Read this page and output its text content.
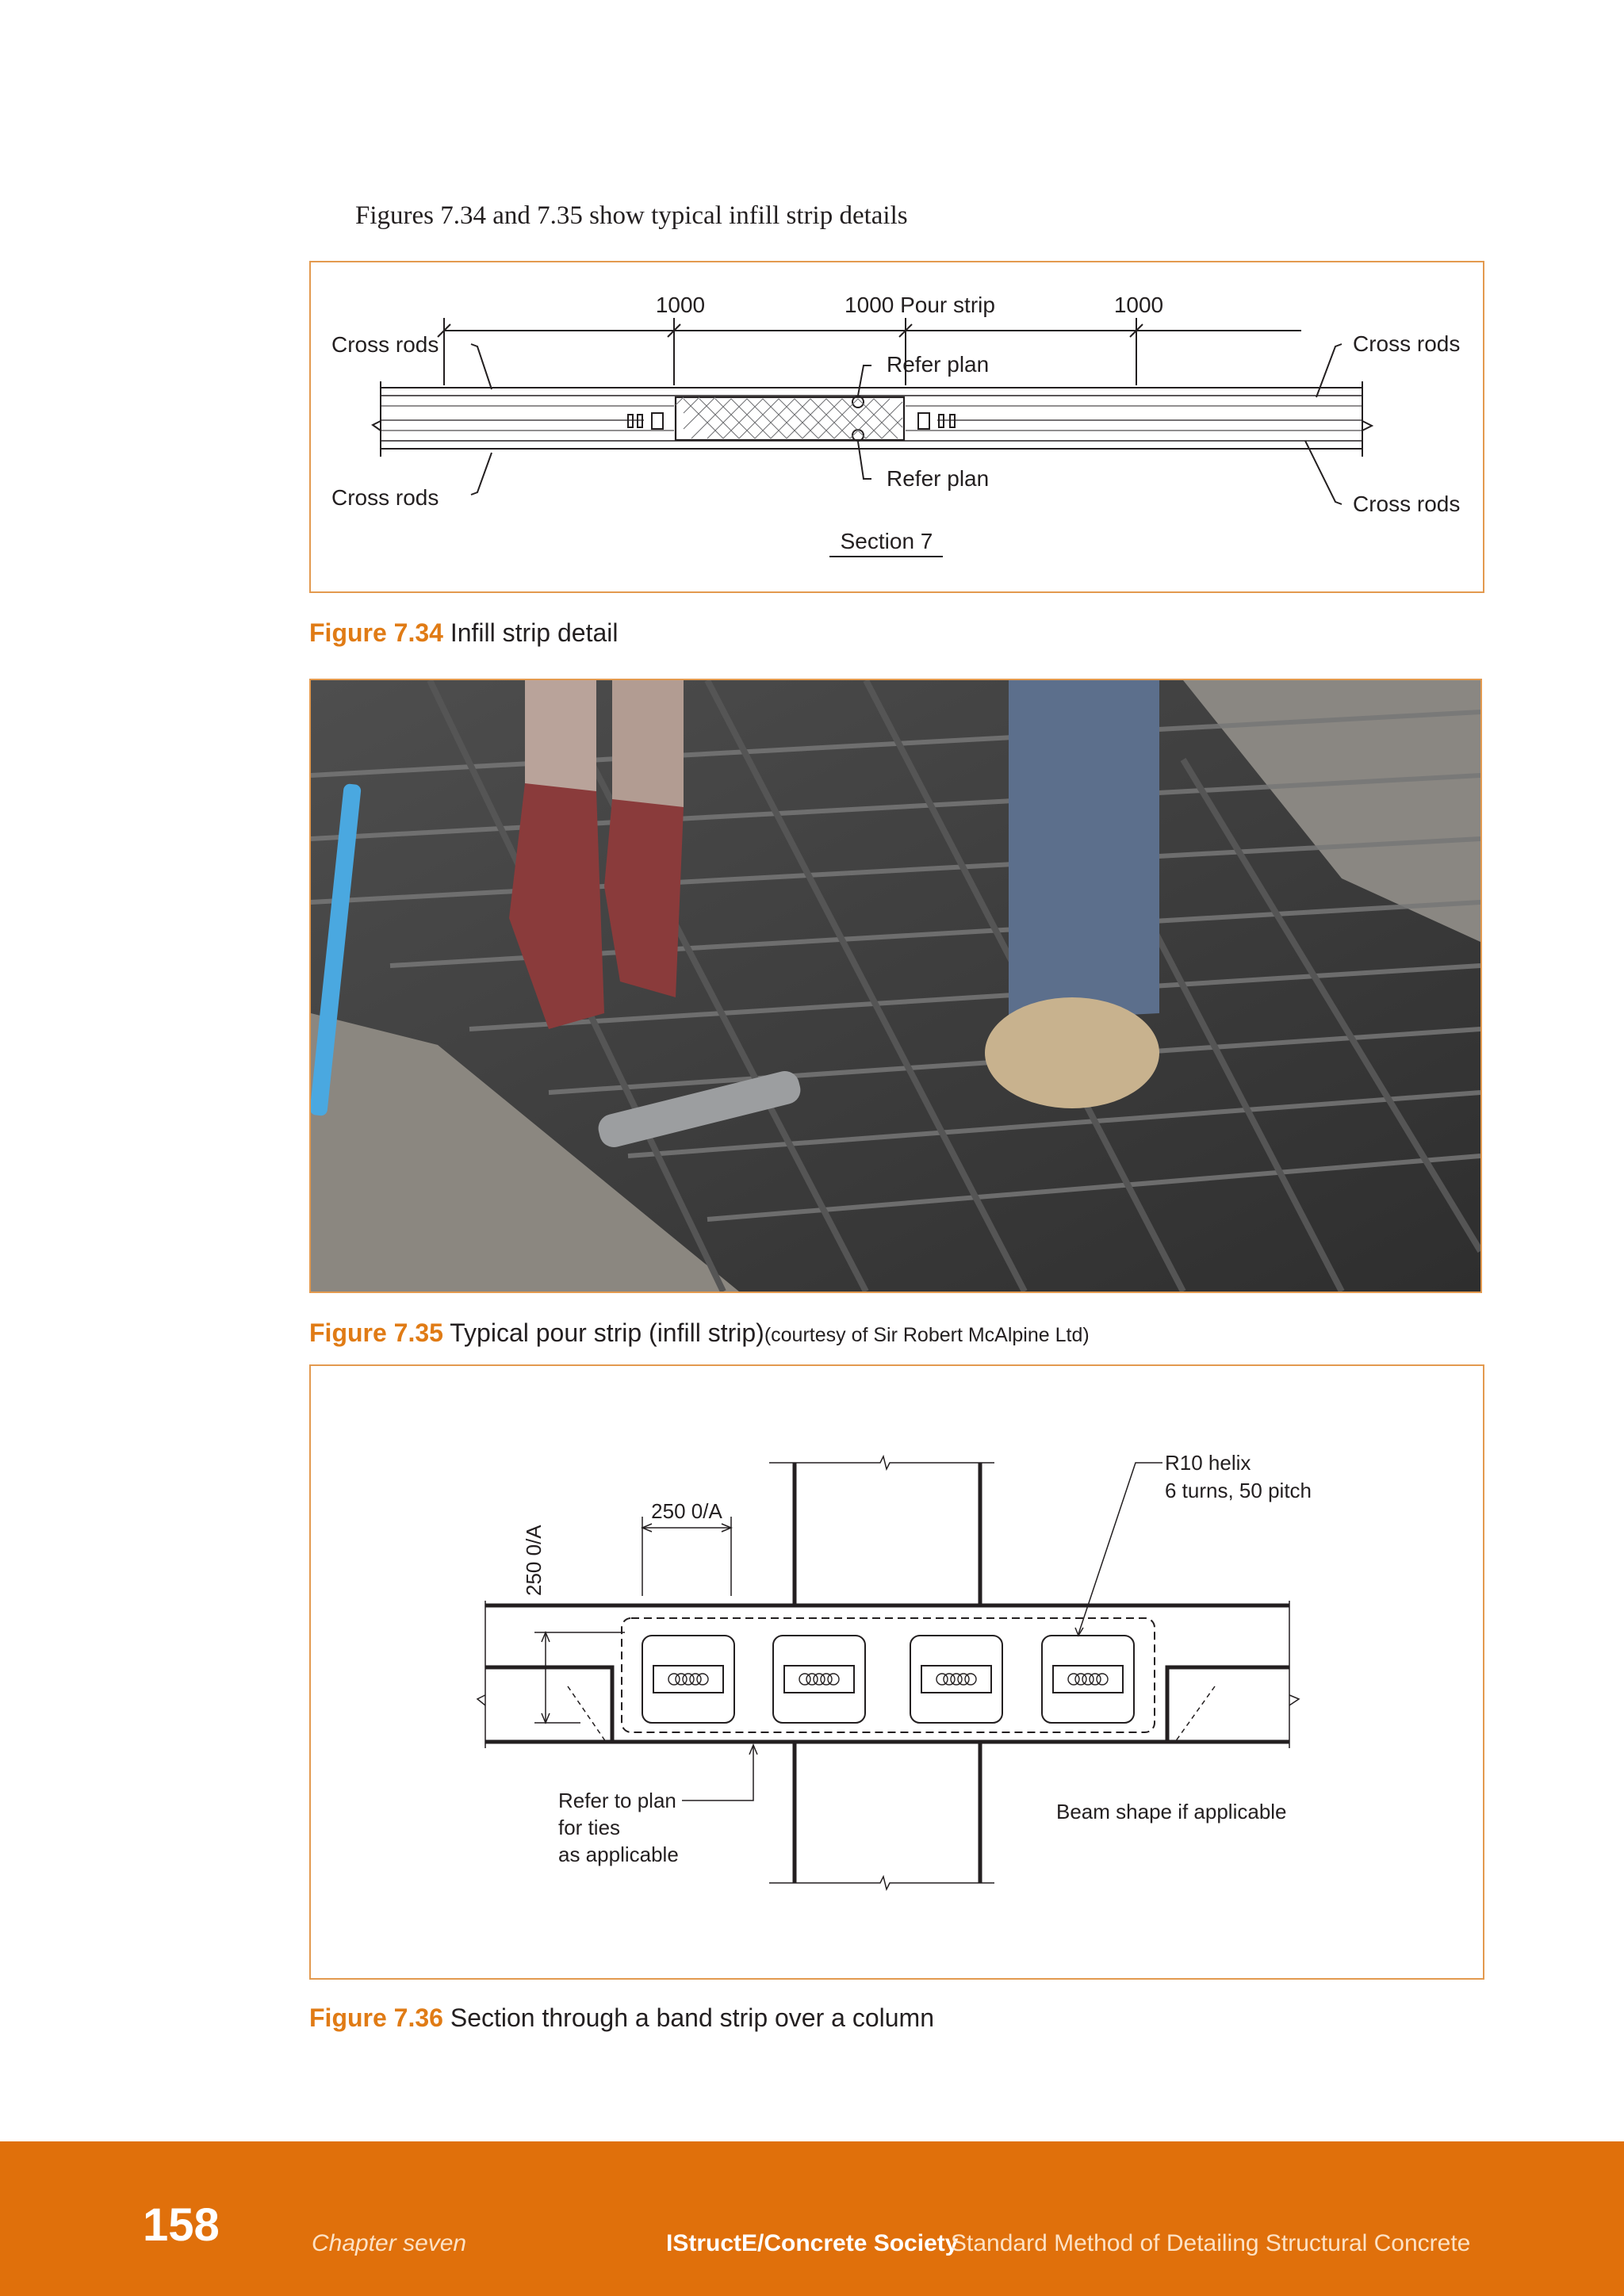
Figures 7.34 and 7.35 show typical infill strip details
1000	1000 Pour strip	1000
Cross rods	Cross rods
Cross rods	Cross rods
Refer plan
Refer plan
Section 7
Figure 7.34 Infill strip detail
Figure 7.35 Typical pour strip (infill strip)(courtesy of Sir Robert McAlpine Ltd)
250 0/A
250 0/A
R10 helix
6 turns, 50 pitch
Refer to plan
for ties
as applicable
Beam shape if applicable
Figure 7.36 Section through a band strip over a column
158	Chapter seven	IStructE/Concrete Society
Standard Method of Detailing Structural Concrete
